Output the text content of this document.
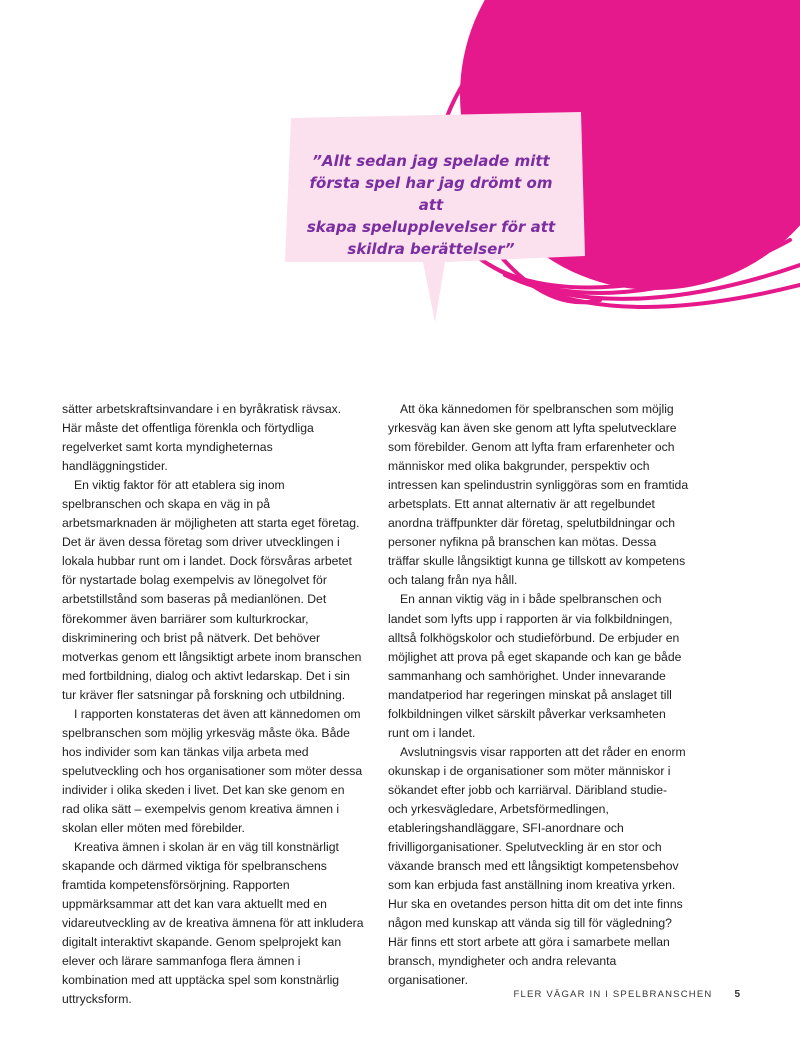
”Allt sedan jag spelade mitt
första spel har jag drömt om att
skapa spelupplevelser för att
skildra berättelser”

sätter arbetskraftsinvandare i en byråkratisk rävsax. Här måste det offentliga förenkla och förtydliga regelverket samt korta myndigheternas handläggningstider.

En viktig faktor för att etablera sig inom spelbranschen och skapa en väg in på arbetsmarknaden är möjligheten att starta eget företag. Det är även dessa företag som driver utvecklingen i lokala hubbar runt om i landet. Dock försvåras arbetet för nystartade bolag exempelvis av lönegolvet för arbetstillstånd som baseras på medianlönen. Det förekommer även barriärer som kulturkrockar, diskriminering och brist på nätverk. Det behöver motverkas genom ett långsiktigt arbete inom branschen med fortbildning, dialog och aktivt ledarskap. Det i sin tur kräver fler satsningar på forskning och utbildning.

I rapporten konstateras det även att kännedomen om spelbranschen som möjlig yrkesväg måste öka. Både hos individer som kan tänkas vilja arbeta med spelutveckling och hos organisationer som möter dessa individer i olika skeden i livet. Det kan ske genom en rad olika sätt – exempelvis genom kreativa ämnen i skolan eller möten med förebilder.

Kreativa ämnen i skolan är en väg till konstnärligt skapande och därmed viktiga för spelbranschens framtida kompetensförsörjning. Rapporten uppmärksammar att det kan vara aktuellt med en vidareutveckling av de kreativa ämnena för att inkludera digitalt interaktivt skapande. Genom spelprojekt kan elever och lärare sammanfoga flera ämnen i kombination med att upptäcka spel som konstnärlig uttrycksform.

Att öka kännedomen för spelbranschen som möjlig yrkesväg kan även ske genom att lyfta spelutvecklare som förebilder. Genom att lyfta fram erfarenheter och människor med olika bakgrunder, perspektiv och intressen kan spelindustrin synliggöras som en framtida arbetsplats. Ett annat alternativ är att regelbundet anordna träffpunkter där företag, spelutbildningar och personer nyfikna på branschen kan mötas. Dessa träffar skulle långsiktigt kunna ge tillskott av kompetens och talang från nya håll.

En annan viktig väg in i både spelbranschen och landet som lyfts upp i rapporten är via folkbildningen, alltså folkhögskolor och studieförbund. De erbjuder en möjlighet att prova på eget skapande och kan ge både sammanhang och samhörighet. Under innevarande mandatperiod har regeringen minskat på anslaget till folkbildningen vilket särskilt påverkar verksamheten runt om i landet.

Avslutningsvis visar rapporten att det råder en enorm okunskap i de organisationer som möter människor i sökandet efter jobb och karriärval. Däribland studie- och yrkesvägledare, Arbetsförmedlingen, etableringshandläggare, SFI-anordnare och frivilligorganisationer. Spelutveckling är en stor och växande bransch med ett långsiktigt kompetensbehov som kan erbjuda fast anställning inom kreativa yrken. Hur ska en ovetandes person hitta dit om det inte finns någon med kunskap att vända sig till för vägledning? Här finns ett stort arbete att göra i samarbete mellan bransch, myndigheter och andra relevanta organisationer.

FLER VÄGAR IN I SPELBRANSCHEN 5
